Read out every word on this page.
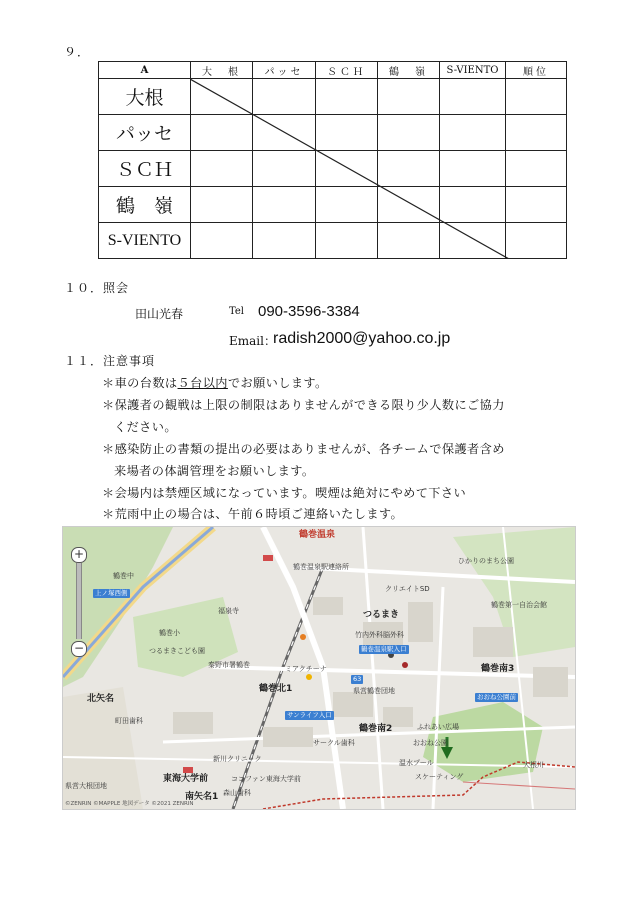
９．
A	大　根	パッセ	ＳＣＨ	鶴　嶺	S-VIENTO	順位
大根						
パッセ						
ＳＣＨ						
鶴　嶺						
S-VIENTO						
１０．照会
田山光春	Tel 090-3596-3384
Email：
radish2000@yahoo.co.jp
１１．注意事項
＊車の台数は５台以内でお願いします。
＊保護者の観戦は上限の制限はありませんができる限り少人数にご協力
ください。
＊感染防止の書類の提出の必要はありませんが、各チームで保護者含め
来場者の体調管理をお願いします。
＊会場内は禁煙区域になっています。喫煙は絶対にやめて下さい
＊荒雨中止の場合は、午前６時頃ご連絡いたします。
+
−
鶴巻温泉
鶴巻温泉駅連絡所
クリエイトSD
ひかりのまち公園
鶴巻第一自治会館
鶴巻中
福泉寺
鶴巻小
つるまきこども園
秦野市署鶴巻
つるまき
竹内外科脳外科
ミアクチーナ
鶴巻北1
鶴巻南3
北矢名
町田歯科
県営鶴巻団地
サンライフ入口
ふれあい広場
サークル歯科
鶴巻南2
おおね公園
新川クリニック
東海大学前	ココファン東海大学前
温水プール
スケーティング
おおね公園前
南矢名1 森山歯科
県営大根団地
大根川
上ノ塚西側
鶴巻温泉駅入口
63
©ZENRIN ©MAPPLE 地図データ ©2021 ZENRIN
